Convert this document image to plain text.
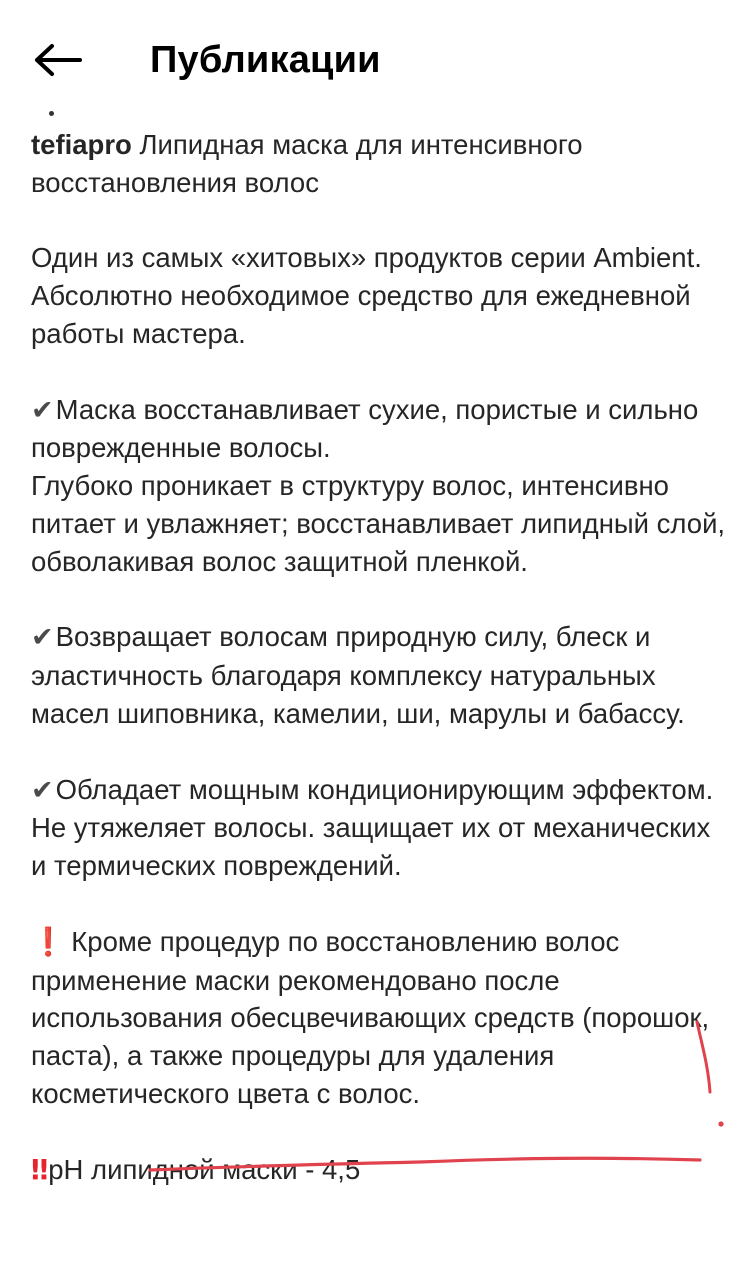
Публикации

tefiapro Липидная маска для интенсивного восстановления волос

Один из самых «хитовых» продуктов серии Ambient. Абсолютно необходимое средство для ежедневной работы мастера.

✔Маска восстанавливает сухие, пористые и сильно поврежденные волосы.

Глубоко проникает в структуру волос, интенсивно питает и увлажняет; восстанавливает липидный слой, обволакивая волос защитной пленкой.

✔Возвращает волосам природную силу, блеск и эластичность благодаря комплексу натуральных масел шиповника, камелии, ши, марулы и бабассу.

✔Обладает мощным кондиционирующим эффектом. Не утяжеляет волосы. защищает их от механических и термических повреждений.

❗ Кроме процедур по восстановлению волос применение маски рекомендовано после использования обесцвечивающих средств (порошок, паста), а также процедуры для удаления косметического цвета с волос.

‼pH липидной маски - 4,5
